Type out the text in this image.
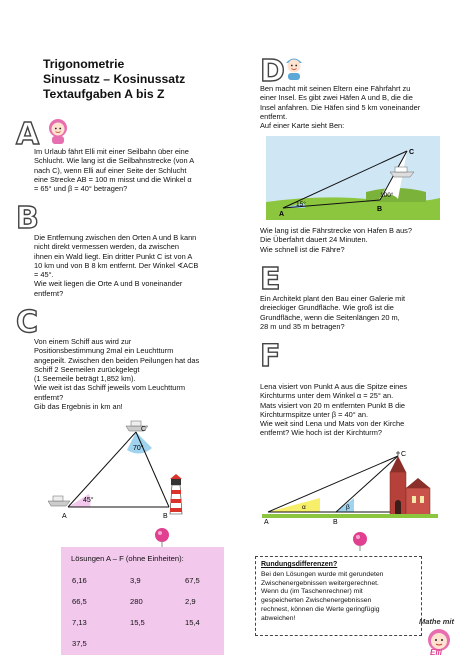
Trigonometrie
Sinussatz – Kosinussatz
Textaufgaben A bis Z
A
Im Urlaub fährt Elli mit einer Seilbahn über eine
Schlucht. Wie lang ist die Seilbahnstrecke (von A
nach C), wenn Elli auf einer Seite der Schlucht
eine Strecke AB = 100 m misst und die Winkel α
= 65° und β = 40° betragen?
B
Die Entfernung zwischen den Orten A und B kann
nicht direkt vermessen werden, da zwischen
ihnen ein Wald liegt. Ein dritter Punkt C ist von A
10 km und von B 8 km entfernt. Der Winkel ∢ACB
= 45°.
Wie weit liegen die Orte A und B voneinander
entfernt?
C
Von einem Schiff aus wird zur
Positionsbestimmung 2mal ein Leuchtturm
angepeilt. Zwischen den beiden Peilungen hat das
Schiff 2 Seemeilen zurückgelegt
(1 Seemeile beträgt 1,852 km).
Wie weit ist das Schiff jeweils vom Leuchtturm
entfernt?
Gib das Ergebnis in km an!
45°
70°
A	B
C
Lösungen A – F (ohne Einheiten):
6,16	3,9	67,5
66,5	280	2,9
7,13	15,5	15,4
37,5
D
Ben macht mit seinen Eltern eine Fährfahrt zu
einer Insel. Es gibt zwei Häfen A und B, die die
Insel anfahren. Die Häfen sind 5 km voneinander
entfernt.
Auf einer Karte sieht Ben:
15°
100°
A
B
C
Wie lang ist die Fährstrecke von Hafen B aus?
Die Überfahrt dauert 24 Minuten.
Wie schnell ist die Fähre?
E
Ein Architekt plant den Bau einer Galerie mit
dreieckiger Grundfläche. Wie groß ist die
Grundfläche, wenn die Seitenlängen 20 m,
28 m und 35 m betragen?
F
Lena visiert von Punkt A aus die Spitze eines
Kirchturms unter dem Winkel α = 25° an.
Mats visiert von 20 m entfernten Punkt B die
Kirchturmspitze unter β = 40° an.
Wie weit sind Lena und Mats von der Kirche
entfernt? Wie hoch ist der Kirchturm?
α	β
A	B
C
Rundungsdifferenzen?
Bei den Lösungen wurde mit gerundeten
Zwischenergebnissen weitergerechnet.
Wenn du (im Taschenrechner) mit
gespeicherten Zwischenergebnissen
rechnest, können die Werte geringfügig
abweichen!	Mathe mit
Elli
